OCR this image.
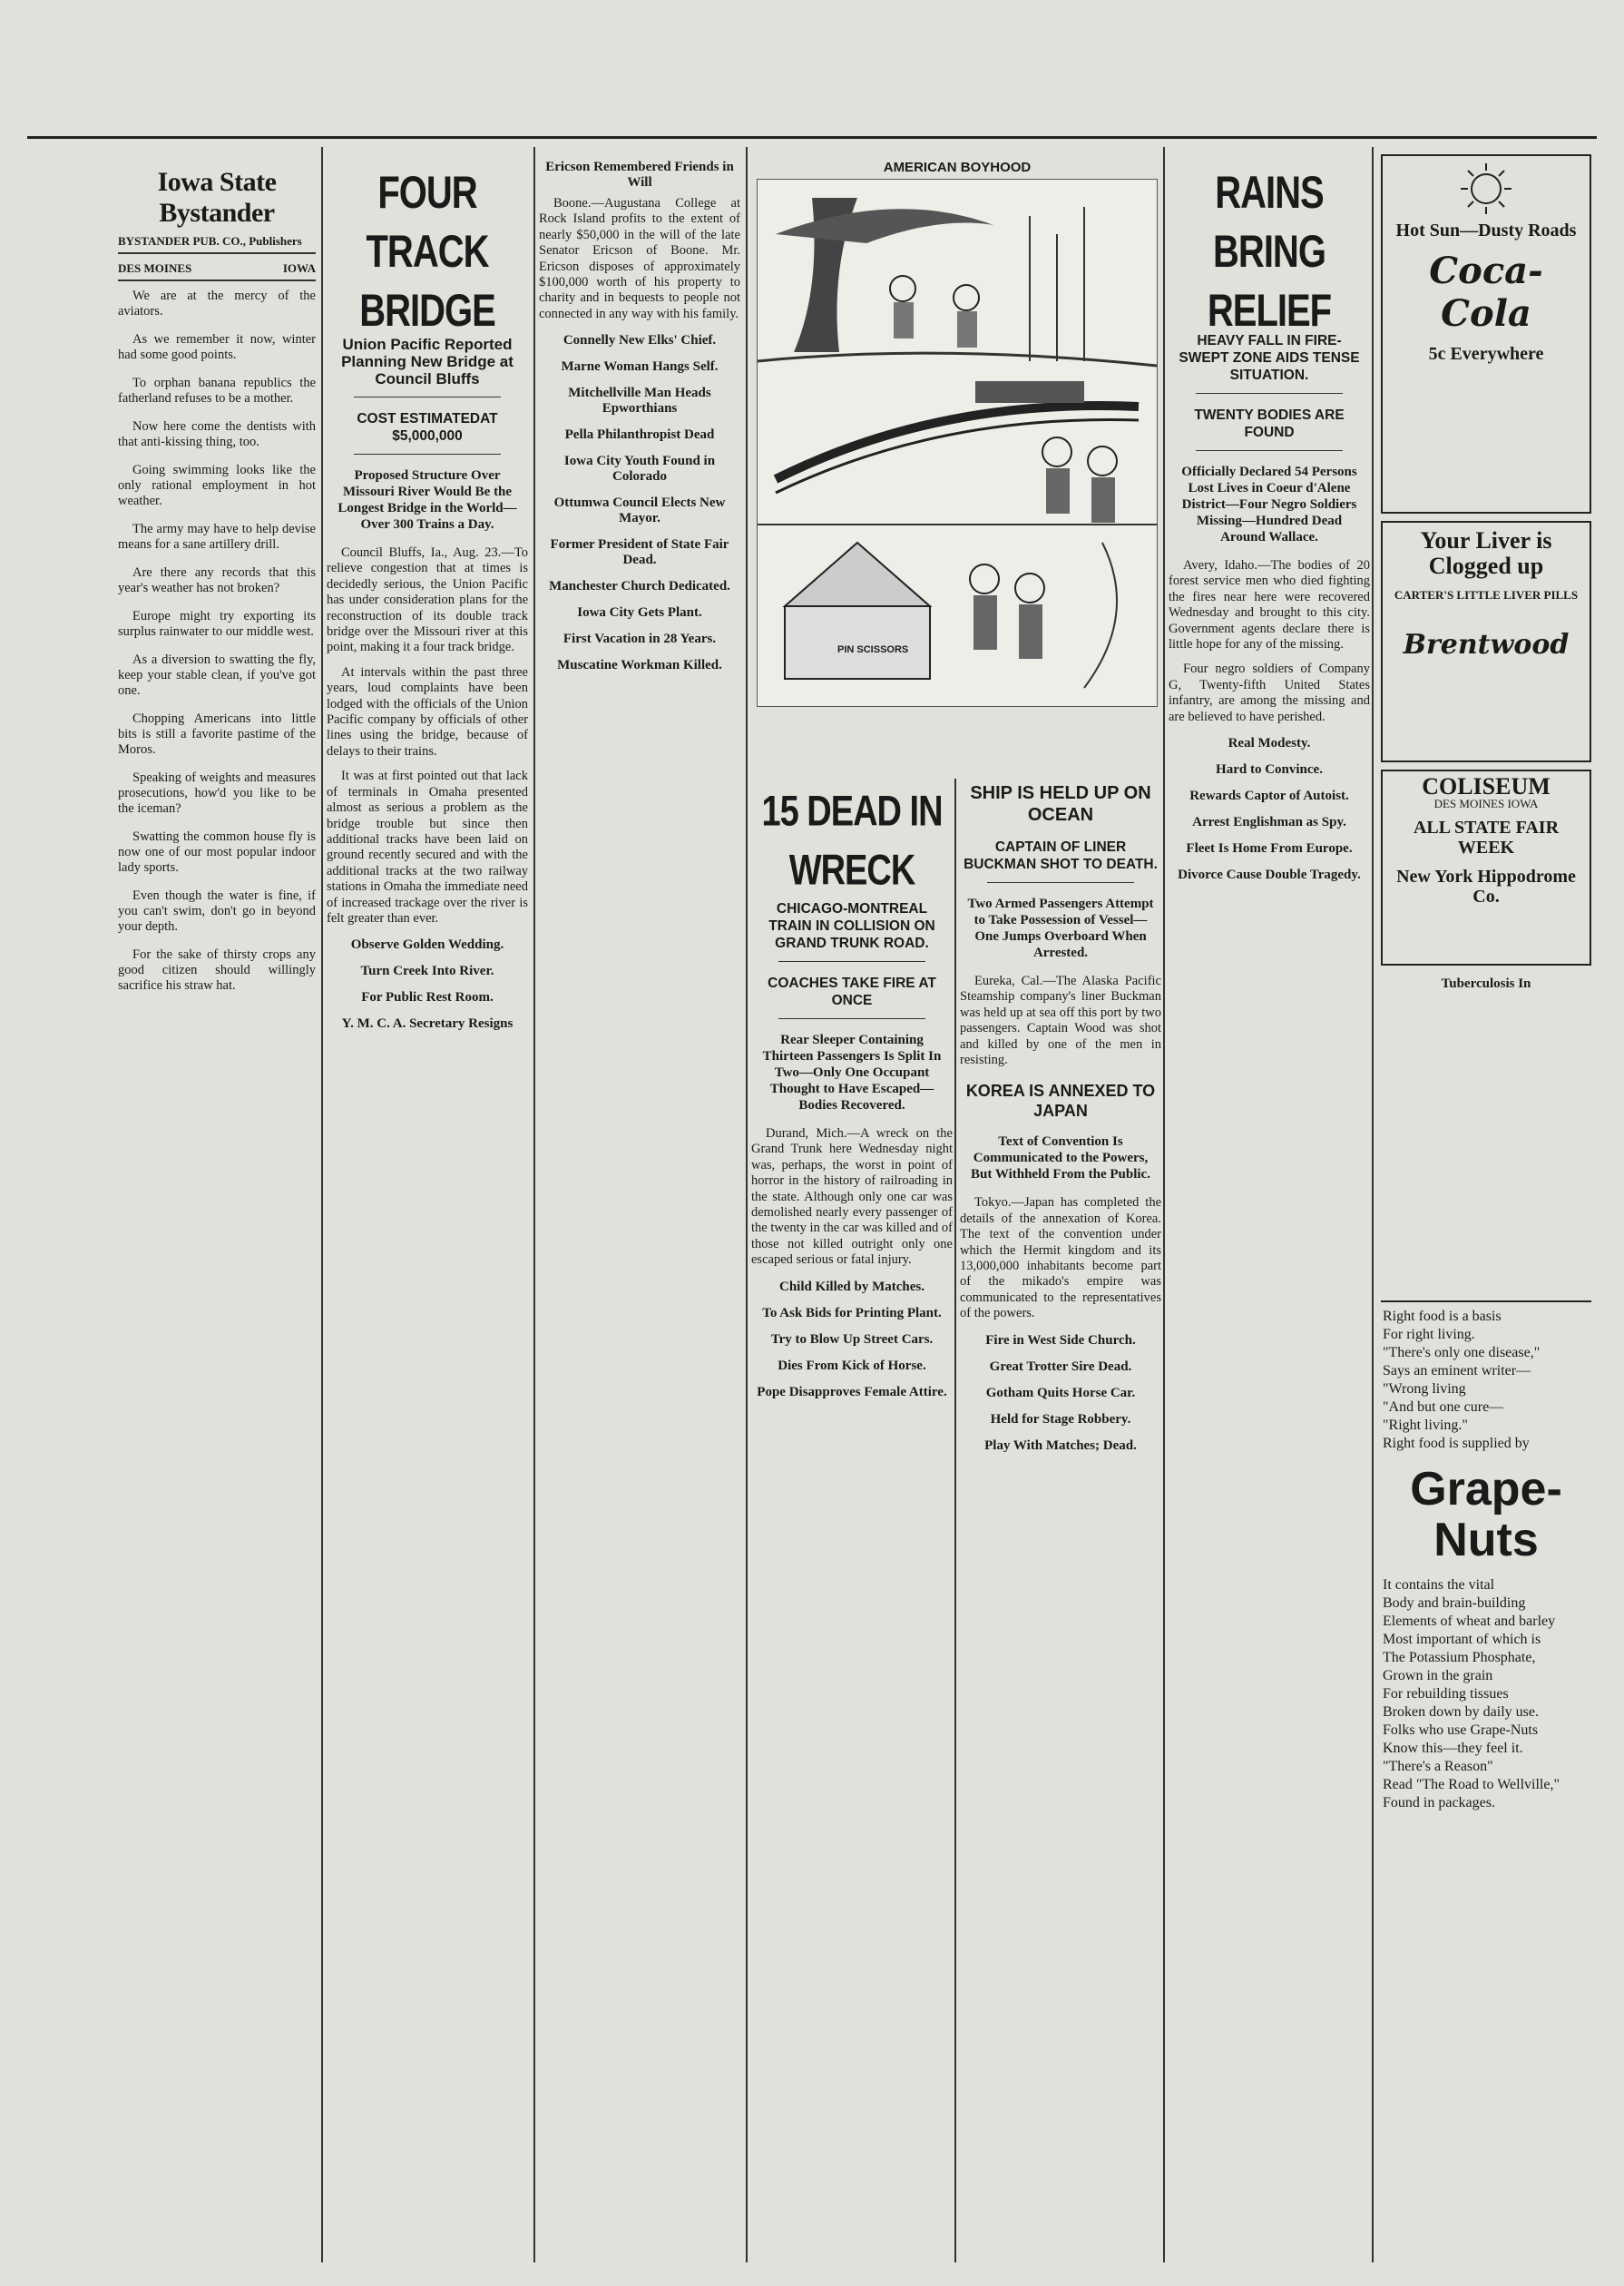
Iowa State Bystander
BYSTANDER PUB. CO., Publishers
DES MOINES	IOWA

We are at the mercy of the aviators.

As we remember it now, winter had some good points.

To orphan banana republics the fatherland refuses to be a mother.

Now here come the dentists with that anti-kissing thing, too.

Going swimming looks like the only rational employment in hot weather.

The army may have to help devise means for a sane artillery drill.

Are there any records that this year's weather has not broken?

Europe might try exporting its surplus rainwater to our middle west.

As a diversion to swatting the fly, keep your stable clean, if you've got one.

Chopping Americans into little bits is still a favorite pastime of the Moros.

Speaking of weights and measures prosecutions, how'd you like to be the iceman?

Swatting the common house fly is now one of our most popular indoor lady sports.

Even though the water is fine, if you can't swim, don't go in beyond your depth.

For the sake of thirsty crops any good citizen should willingly sacrifice his straw hat.

FOUR TRACK BRIDGE
Union Pacific Reported Planning New Bridge at Council Bluffs
COST ESTIMATEDAT $5,000,000
Proposed Structure Over Missouri River Would Be the Longest Bridge in the World—Over 300 Trains a Day.

Council Bluffs, Ia., Aug. 23.—To relieve congestion that at times is decidedly serious, the Union Pacific has under consideration plans for the reconstruction of its double track bridge over the Missouri river at this point, making it a four track bridge.

At intervals within the past three years, loud complaints have been lodged with the officials of the Union Pacific company by officials of other lines using the bridge, because of delays to their trains.

It was at first pointed out that lack of terminals in Omaha presented almost as serious a problem as the bridge trouble but since then additional tracks have been laid on ground recently secured and with the additional tracks at the two railway stations in Omaha the immediate need of increased trackage over the river is felt greater than ever.

Observe Golden Wedding.
Turn Creek Into River.
For Public Rest Room.
Y. M. C. A. Secretary Resigns
Ericson Remembered Friends in Will

Boone.—Augustana College at Rock Island profits to the extent of nearly $50,000 in the will of the late Senator Ericson of Boone. Mr. Ericson disposes of approximately $100,000 worth of his property to charity and in bequests to people not connected in any way with his family.

Connelly New Elks' Chief.
Marne Woman Hangs Self.
Mitchellville Man Heads Epworthians
Pella Philanthropist Dead
Iowa City Youth Found in Colorado
Ottumwa Council Elects New Mayor.
Former President of State Fair Dead.
Manchester Church Dedicated.
Iowa City Gets Plant.
First Vacation in 28 Years.
Muscatine Workman Killed.
AMERICAN BOYHOOD
PIN SCISSORS
15 DEAD IN WRECK
CHICAGO-MONTREAL TRAIN IN COLLISION ON GRAND TRUNK ROAD.
COACHES TAKE FIRE AT ONCE
Rear Sleeper Containing Thirteen Passengers Is Split In Two—Only One Occupant Thought to Have Escaped—Bodies Recovered.

Durand, Mich.—A wreck on the Grand Trunk here Wednesday night was, perhaps, the worst in point of horror in the history of railroading in the state. Although only one car was demolished nearly every passenger of the twenty in the car was killed and of those not killed outright only one escaped serious or fatal injury.

Child Killed by Matches.
To Ask Bids for Printing Plant.
Try to Blow Up Street Cars.
Dies From Kick of Horse.
Pope Disapproves Female Attire.
SHIP IS HELD UP ON OCEAN
CAPTAIN OF LINER BUCKMAN SHOT TO DEATH.
Two Armed Passengers Attempt to Take Possession of Vessel—One Jumps Overboard When Arrested.

Eureka, Cal.—The Alaska Pacific Steamship company's liner Buckman was held up at sea off this port by two passengers. Captain Wood was shot and killed by one of the men in resisting.

KOREA IS ANNEXED TO JAPAN
Text of Convention Is Communicated to the Powers, But Withheld From the Public.

Tokyo.—Japan has completed the details of the annexation of Korea. The text of the convention under which the Hermit kingdom and its 13,000,000 inhabitants become part of the mikado's empire was communicated to the representatives of the powers.

Fire in West Side Church.
Great Trotter Sire Dead.
Gotham Quits Horse Car.
Held for Stage Robbery.
Play With Matches; Dead.
RAINS BRING RELIEF
HEAVY FALL IN FIRE-SWEPT ZONE AIDS TENSE SITUATION.
TWENTY BODIES ARE FOUND
Officially Declared 54 Persons Lost Lives in Coeur d'Alene District—Four Negro Soldiers Missing—Hundred Dead Around Wallace.

Avery, Idaho.—The bodies of 20 forest service men who died fighting the fires near here were recovered Wednesday and brought to this city. Government agents declare there is little hope for any of the missing.

Four negro soldiers of Company G, Twenty-fifth United States infantry, are among the missing and are believed to have perished.

Real Modesty.
Hard to Convince.
Rewards Captor of Autoist.
Arrest Englishman as Spy.
Fleet Is Home From Europe.
Divorce Cause Double Tragedy.
Hot Sun—Dusty Roads
Coca-Cola
5c Everywhere
Your Liver is Clogged up
CARTER'S LITTLE LIVER PILLS
Brentwood
COLISEUM
DES MOINES IOWA
ALL STATE FAIR WEEK
New York Hippodrome Co.
Tuberculosis In

Right food is a basis

For right living.

"There's only one disease,"

Says an eminent writer—

"Wrong living

"And but one cure—

"Right living."

Right food is supplied by

Grape-Nuts

It contains the vital

Body and brain-building

Elements of wheat and barley

Most important of which is

The Potassium Phosphate,

Grown in the grain

For rebuilding tissues

Broken down by daily use.

Folks who use Grape-Nuts

Know this—they feel it.

"There's a Reason"

Read "The Road to Wellville,"

Found in packages.
